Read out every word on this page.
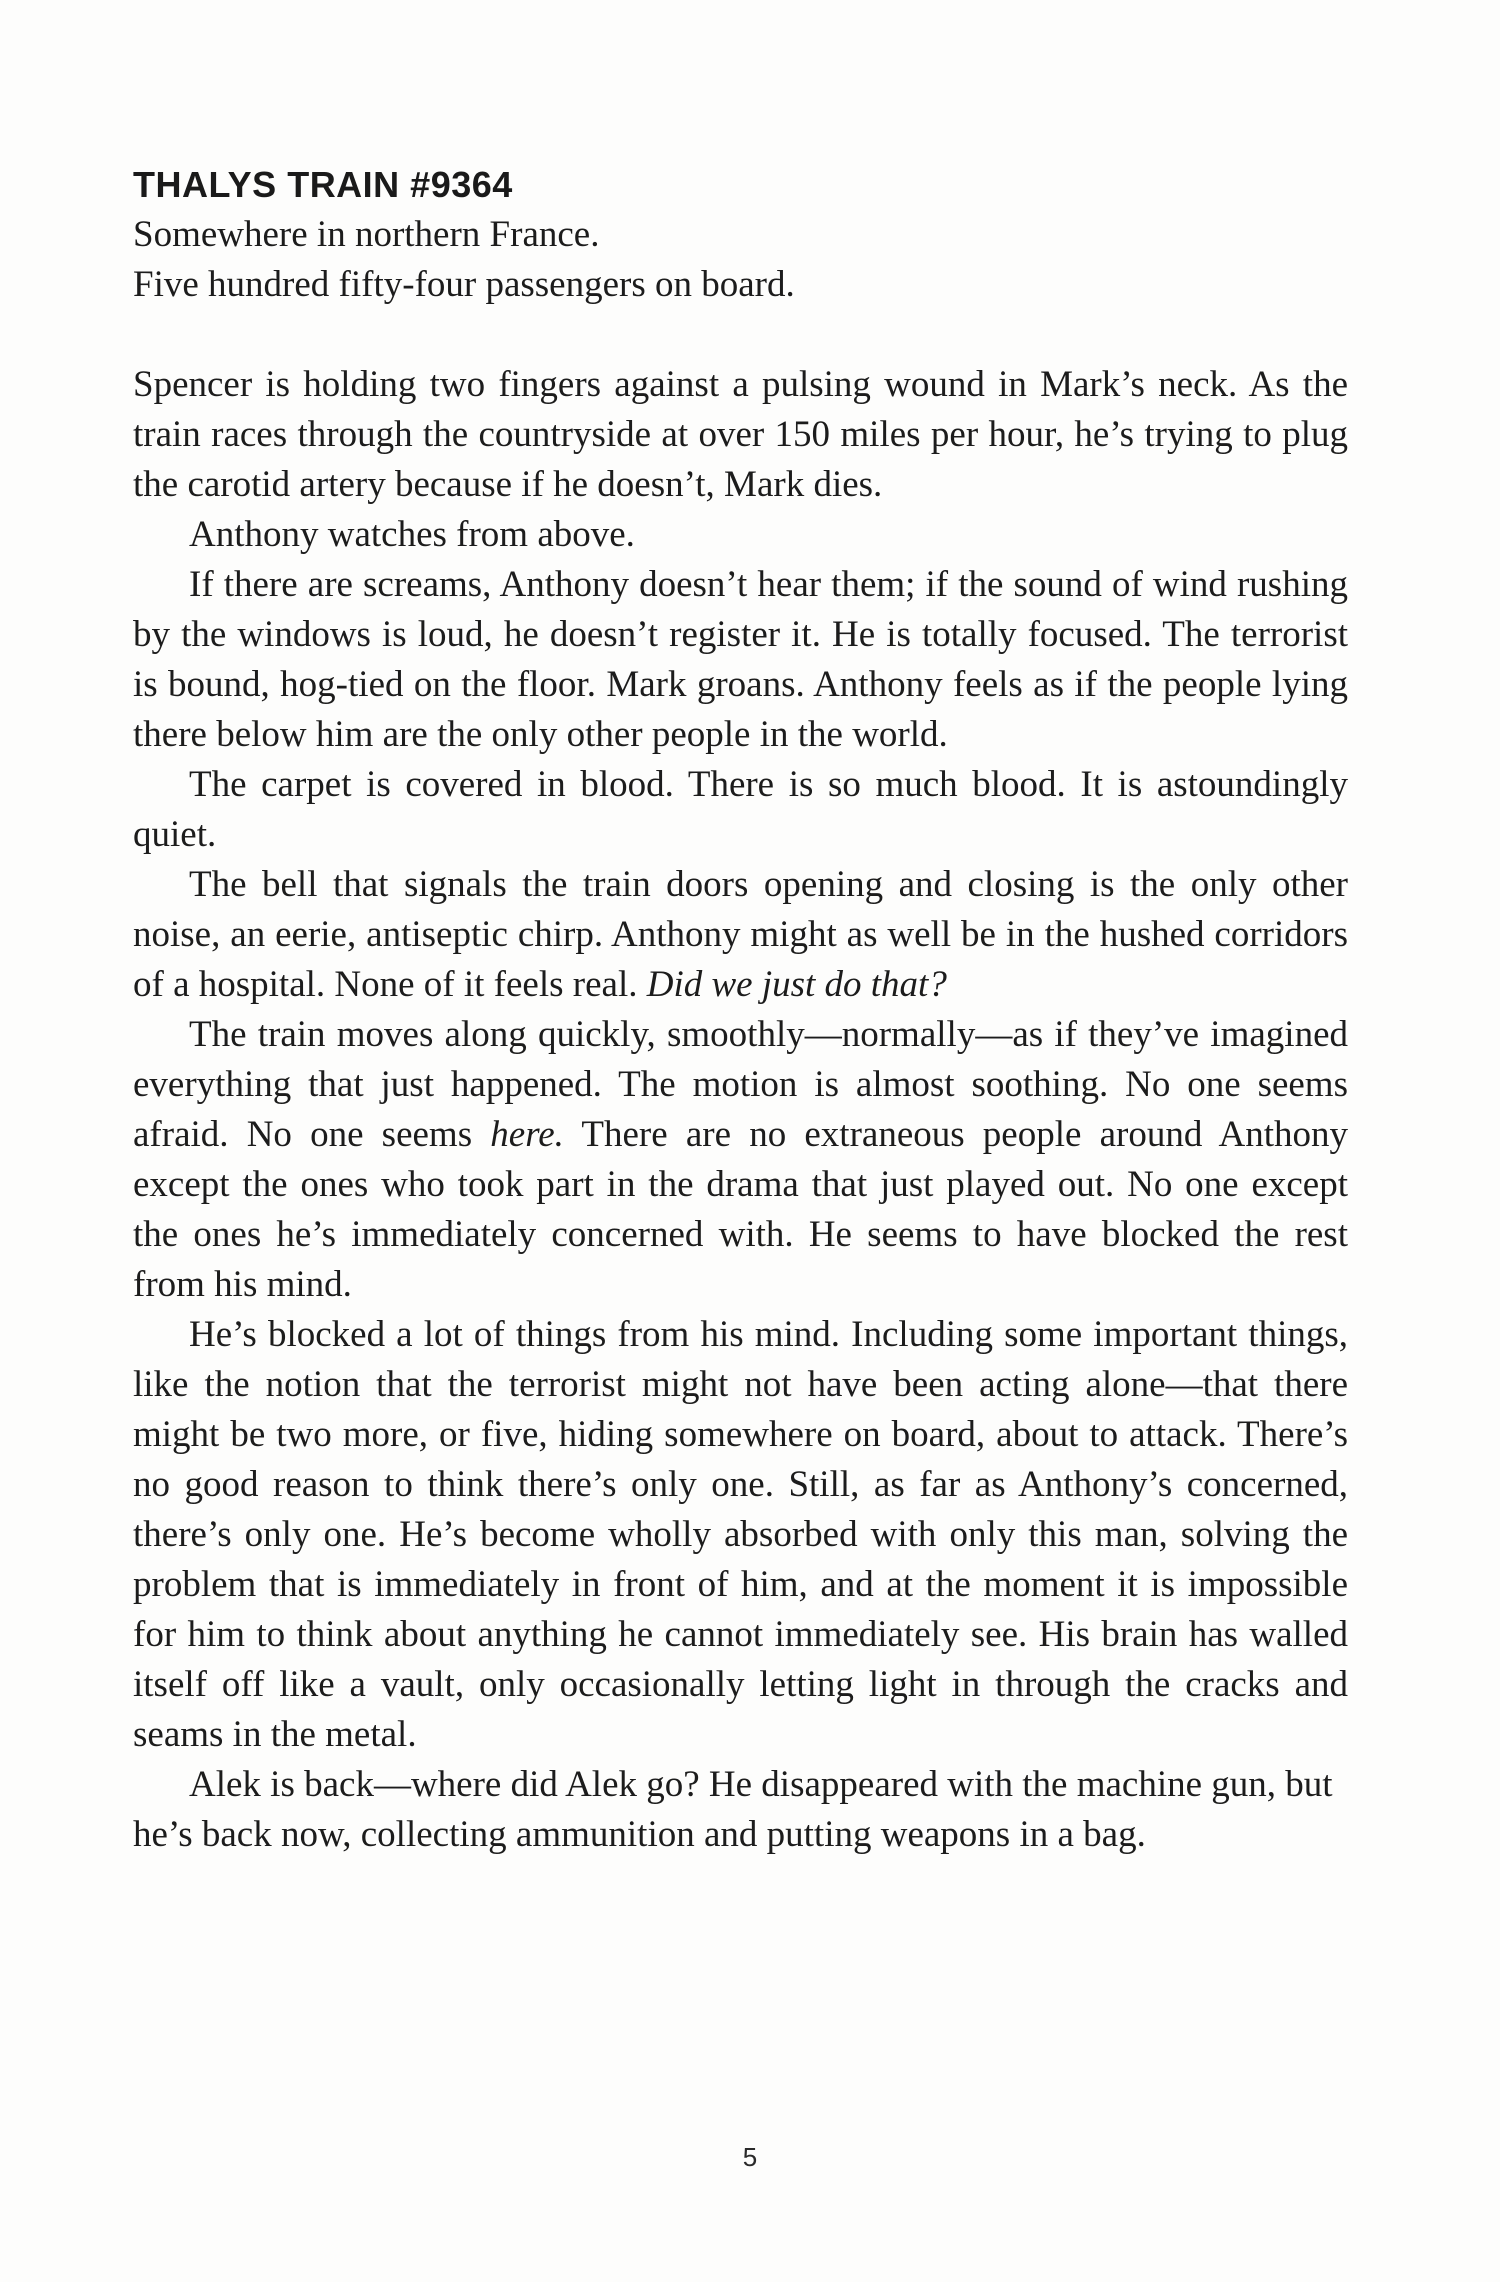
THALYS TRAIN #9364

Somewhere in northern France.

Five hundred fifty-four passengers on board.

Spencer is holding two fingers against a pulsing wound in Mark’s neck. As the train races through the countryside at over 150 miles per hour, he’s trying to plug the carotid artery because if he doesn’t, Mark dies.

Anthony watches from above.

If there are screams, Anthony doesn’t hear them; if the sound of wind rushing by the windows is loud, he doesn’t register it. He is totally focused. The terrorist is bound, hog-tied on the floor. Mark groans. Anthony feels as if the people lying there below him are the only other people in the world.

The carpet is covered in blood. There is so much blood. It is astoundingly quiet.

The bell that signals the train doors opening and closing is the only other noise, an eerie, antiseptic chirp. Anthony might as well be in the hushed corridors of a hospital. None of it feels real. Did we just do that?

The train moves along quickly, smoothly—normally—as if they’ve imagined everything that just happened. The motion is almost soothing. No one seems afraid. No one seems here. There are no extraneous people around Anthony except the ones who took part in the drama that just played out. No one except the ones he’s immediately concerned with. He seems to have blocked the rest from his mind.

He’s blocked a lot of things from his mind. Including some important things, like the notion that the terrorist might not have been acting alone—that there might be two more, or five, hiding somewhere on board, about to attack. There’s no good reason to think there’s only one. Still, as far as Anthony’s concerned, there’s only one. He’s become wholly absorbed with only this man, solving the problem that is immediately in front of him, and at the moment it is impossible for him to think about anything he cannot immediately see. His brain has walled itself off like a vault, only occasionally letting light in through the cracks and seams in the metal.

Alek is back—where did Alek go? He disappeared with the machine gun, but he’s back now, collecting ammunition and putting weapons in a bag.

5
